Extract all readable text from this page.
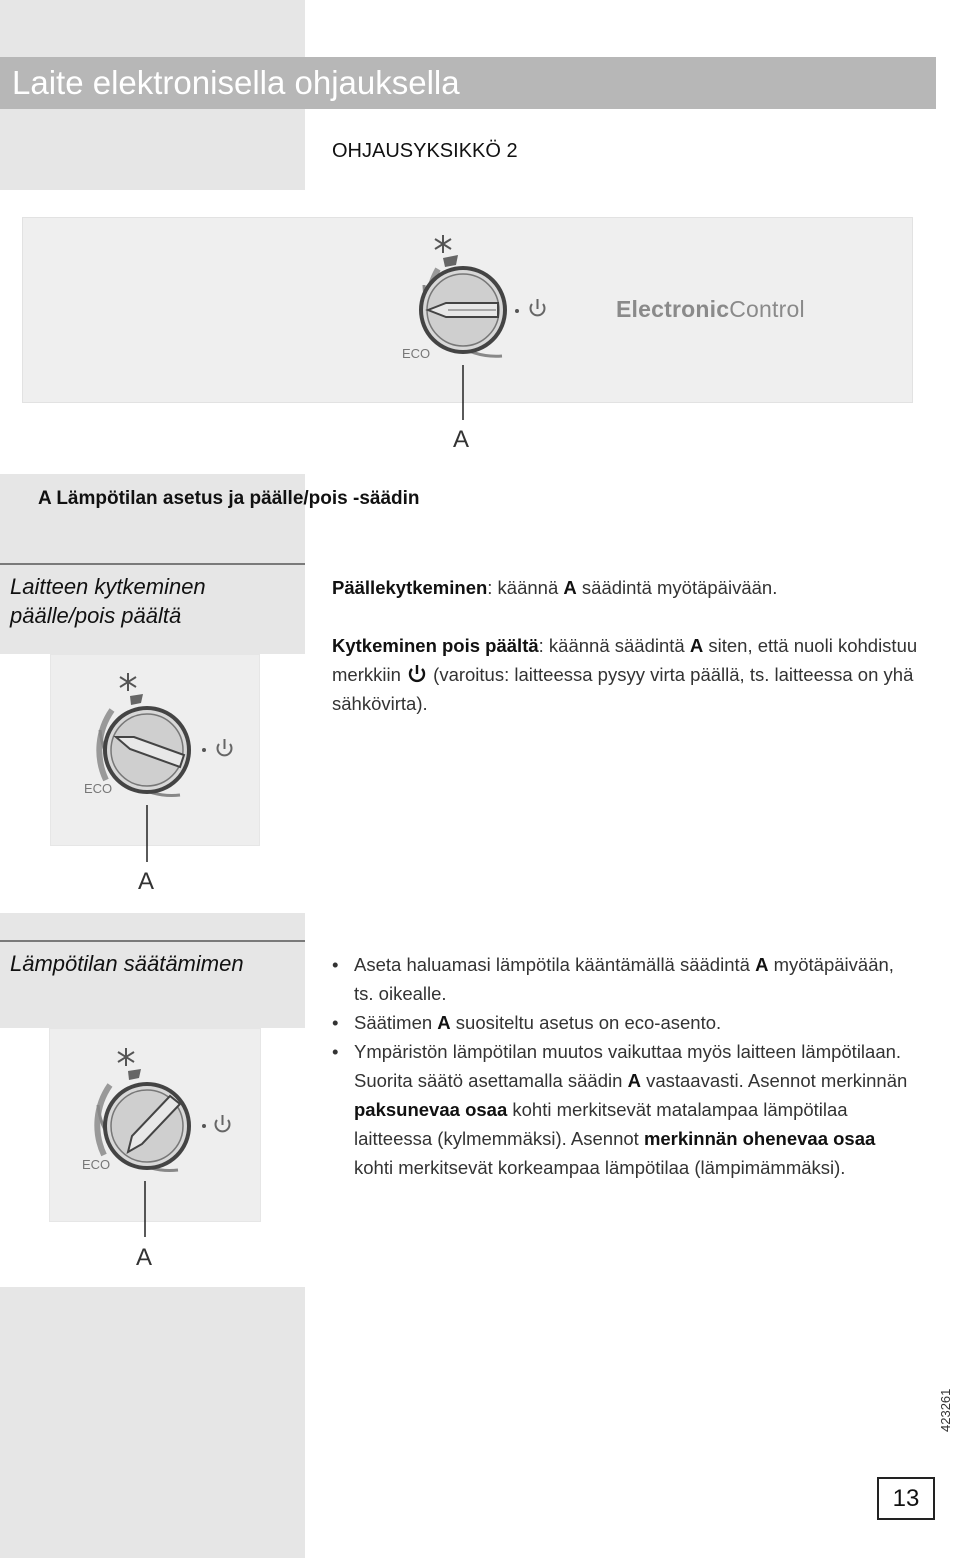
Laite elektronisella ohjauksella
OHJAUSYKSIKKÖ 2
ECO
A
ElectronicControl
A Lämpötilan asetus ja päälle/pois -säädin
Laitteen kytkeminen
päälle/pois päältä
Päällekytkeminen: käännä A säädintä myötäpäivään.
Kytkeminen pois päältä: käännä säädintä A siten, että nuoli kohdistuu merkkiin  (varoitus: laitteessa pysyy virta päällä, ts. laitteessa on yhä sähkövirta).
ECO
A
Lämpötilan säätämimen
•	Aseta haluamasi lämpötila kääntämällä säädintä A myötäpäivään, ts. oikealle.
• Säätimen A suositeltu asetus on eco-asento.
• Ympäristön lämpötilan muutos vaikuttaa myös laitteen lämpötilaan. Suorita säätö asettamalla säädin A vastaavasti. Asennot merkinnän paksunevaa osaa kohti merkitsevät matalampaa lämpötilaa laitteessa (kylmemmäksi). Asennot merkinnän ohenevaa osaa kohti merkitsevät korkeampaa lämpötilaa (lämpimämmäksi).
ECO
A
423261
13
